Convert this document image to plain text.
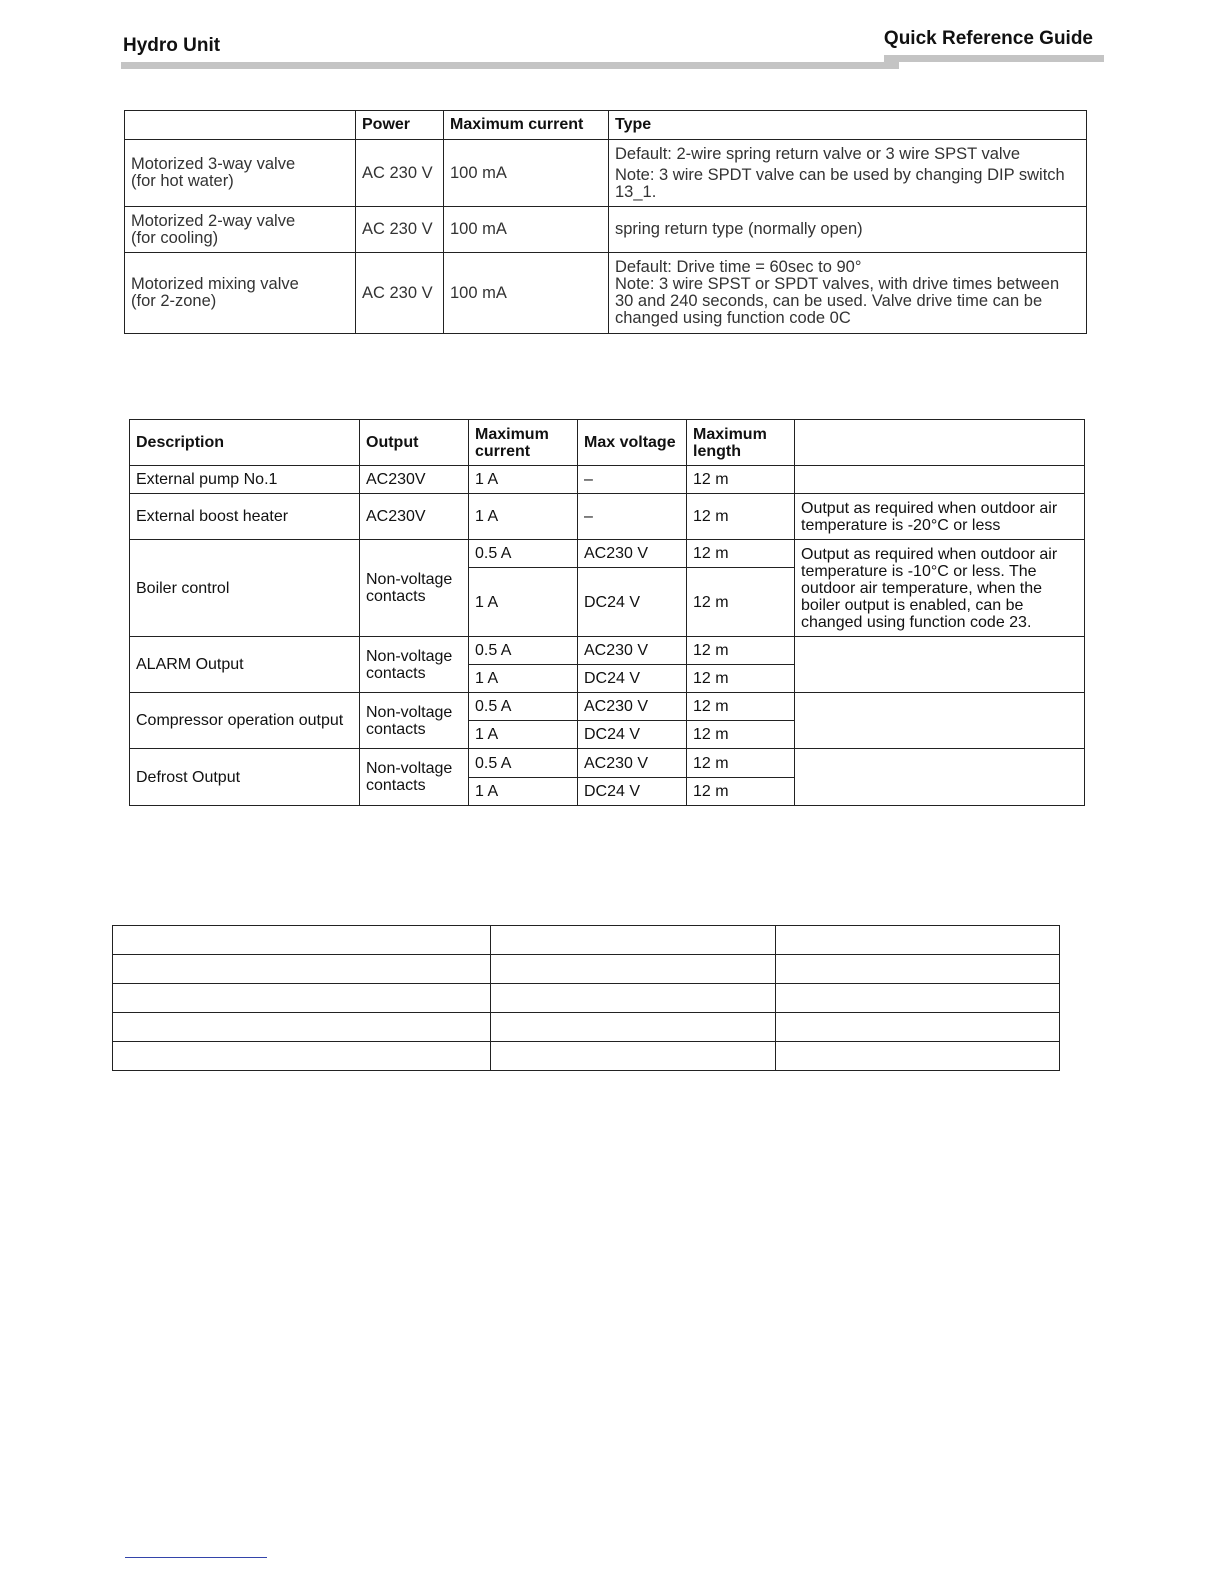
Hydro Unit	Quick Reference Guide
	Power	Maximum current	Type

Motorized 3-way valve
(for hot water)	AC 230 V	100 mA	Default: 2-wire spring return valve or 3 wire SPST valve
Note: 3 wire SPDT valve can be used by changing DIP switch 13_1.

Motorized 2-way valve
(for cooling)	AC 230 V	100 mA	spring return type (normally open)

Motorized mixing valve
(for 2-zone)	AC 230 V	100 mA	Default: Drive time = 60sec to 90°
Note: 3 wire SPST or SPDT valves, with drive times between 30 and 240 seconds, can be used. Valve drive time can be changed using function code 0C
Description	Output	Maximum current	Max voltage	Maximum length	
External pump No.1	AC230V	1 A	–	12 m	
External boost heater	AC230V	1 A	–	12 m	Output as required when outdoor air temperature is -20°C or less
Boiler control	Non-voltage contacts	0.5 A	AC230 V	12 m	Output as required when outdoor air temperature is -10°C or less. The outdoor air temperature, when the boiler output is enabled, can be changed using function code 23.
		1 A	DC24 V	12 m	
ALARM Output	Non-voltage contacts	0.5 A	AC230 V	12 m	
		1 A	DC24 V	12 m	
Compressor operation output	Non-voltage contacts	0.5 A	AC230 V	12 m	
		1 A	DC24 V	12 m	
Defrost Output	Non-voltage contacts	0.5 A	AC230 V	12 m	
		1 A	DC24 V	12 m	
